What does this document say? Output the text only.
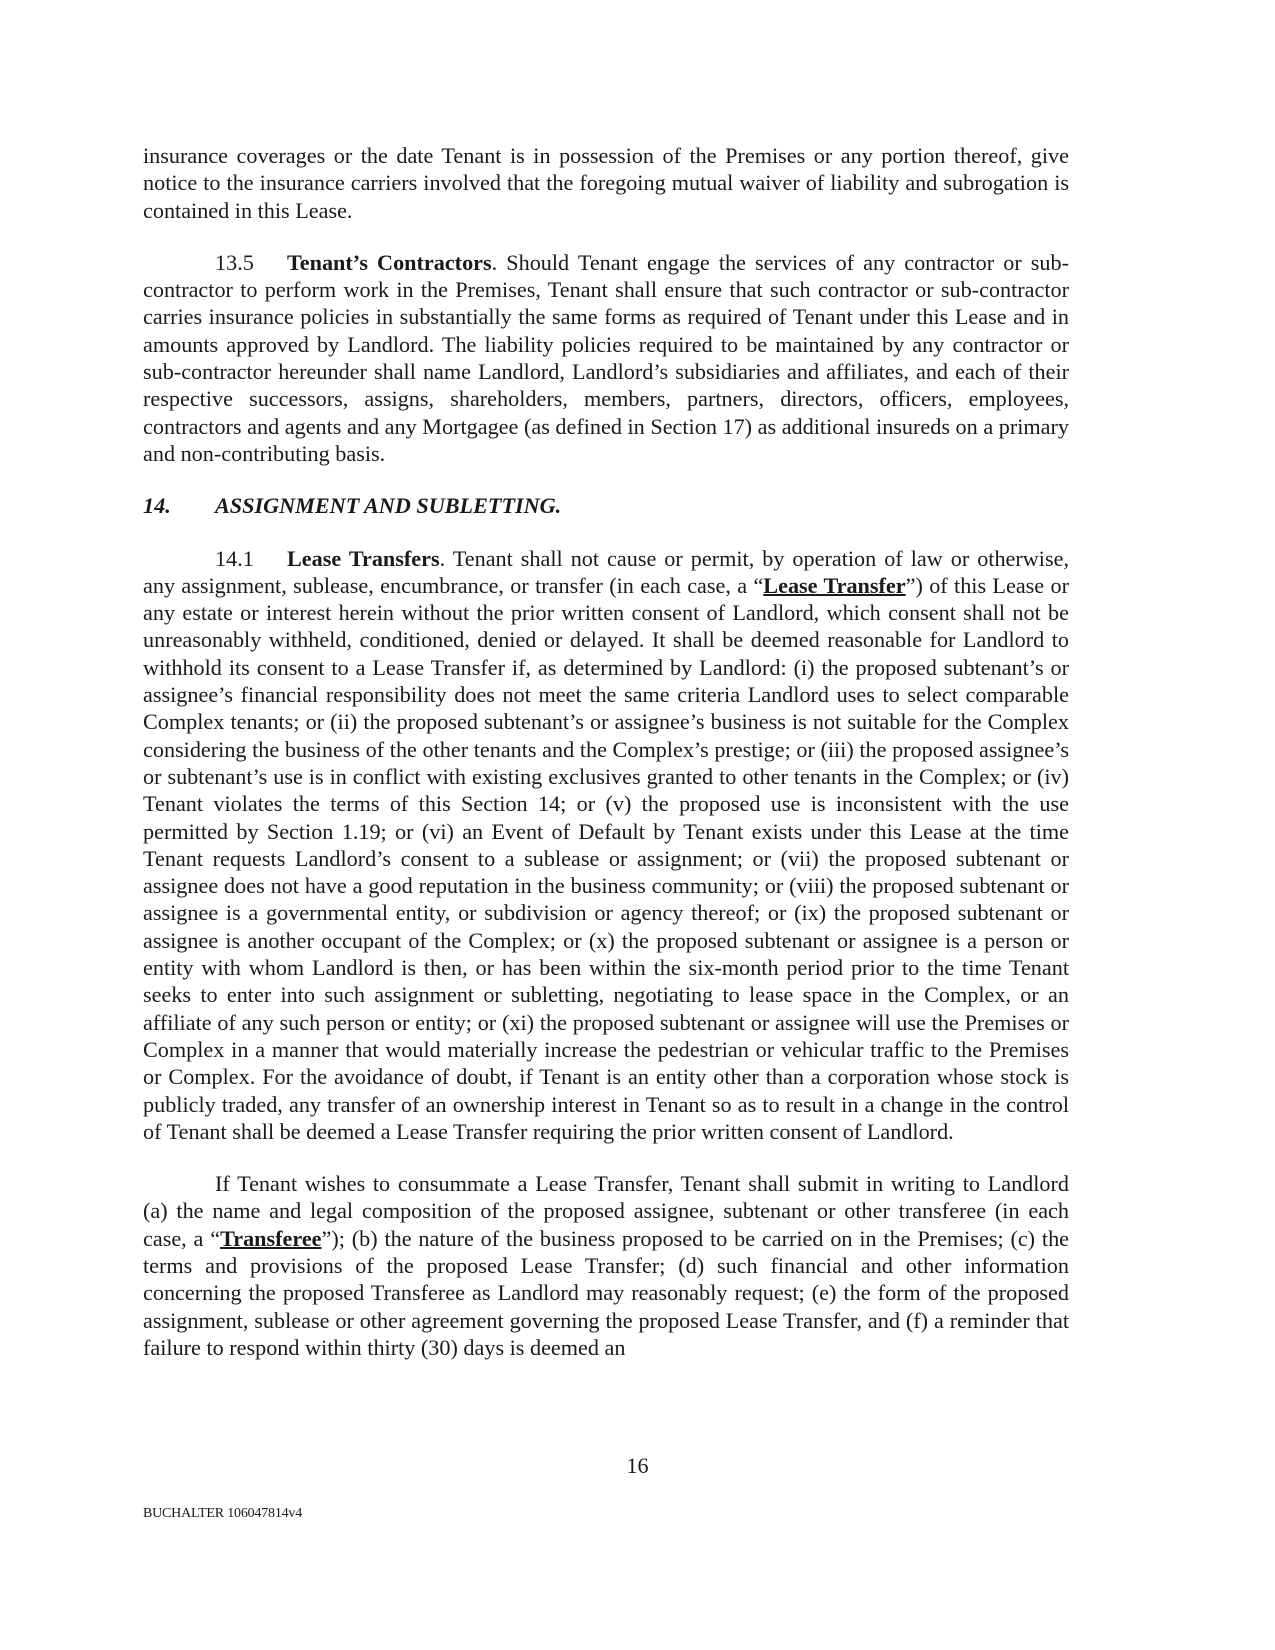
insurance coverages or the date Tenant is in possession of the Premises or any portion thereof, give notice to the insurance carriers involved that the foregoing mutual waiver of liability and subrogation is contained in this Lease.

13.5 Tenant’s Contractors. Should Tenant engage the services of any contractor or sub-contractor to perform work in the Premises, Tenant shall ensure that such contractor or sub-contractor carries insurance policies in substantially the same forms as required of Tenant under this Lease and in amounts approved by Landlord. The liability policies required to be maintained by any contractor or sub-contractor hereunder shall name Landlord, Landlord’s subsidiaries and affiliates, and each of their respective successors, assigns, shareholders, members, partners, directors, officers, employees, contractors and agents and any Mortgagee (as defined in Section 17) as additional insureds on a primary and non-contributing basis.

14. ASSIGNMENT AND SUBLETTING.

14.1 Lease Transfers. Tenant shall not cause or permit, by operation of law or otherwise, any assignment, sublease, encumbrance, or transfer (in each case, a “Lease Transfer”) of this Lease or any estate or interest herein without the prior written consent of Landlord, which consent shall not be unreasonably withheld, conditioned, denied or delayed. It shall be deemed reasonable for Landlord to withhold its consent to a Lease Transfer if, as determined by Landlord: (i) the proposed subtenant’s or assignee’s financial responsibility does not meet the same criteria Landlord uses to select comparable Complex tenants; or (ii) the proposed subtenant’s or assignee’s business is not suitable for the Complex considering the business of the other tenants and the Complex’s prestige; or (iii) the proposed assignee’s or subtenant’s use is in conflict with existing exclusives granted to other tenants in the Complex; or (iv) Tenant violates the terms of this Section 14; or (v) the proposed use is inconsistent with the use permitted by Section 1.19; or (vi) an Event of Default by Tenant exists under this Lease at the time Tenant requests Landlord’s consent to a sublease or assignment; or (vii) the proposed subtenant or assignee does not have a good reputation in the business community; or (viii) the proposed subtenant or assignee is a governmental entity, or subdivision or agency thereof; or (ix) the proposed subtenant or assignee is another occupant of the Complex; or (x) the proposed subtenant or assignee is a person or entity with whom Landlord is then, or has been within the six-month period prior to the time Tenant seeks to enter into such assignment or subletting, negotiating to lease space in the Complex, or an affiliate of any such person or entity; or (xi) the proposed subtenant or assignee will use the Premises or Complex in a manner that would materially increase the pedestrian or vehicular traffic to the Premises or Complex. For the avoidance of doubt, if Tenant is an entity other than a corporation whose stock is publicly traded, any transfer of an ownership interest in Tenant so as to result in a change in the control of Tenant shall be deemed a Lease Transfer requiring the prior written consent of Landlord.

If Tenant wishes to consummate a Lease Transfer, Tenant shall submit in writing to Landlord (a) the name and legal composition of the proposed assignee, subtenant or other transferee (in each case, a “Transferee”); (b) the nature of the business proposed to be carried on in the Premises; (c) the terms and provisions of the proposed Lease Transfer; (d) such financial and other information concerning the proposed Transferee as Landlord may reasonably request; (e) the form of the proposed assignment, sublease or other agreement governing the proposed Lease Transfer, and (f) a reminder that failure to respond within thirty (30) days is deemed an

16
BUCHALTER 106047814v4
